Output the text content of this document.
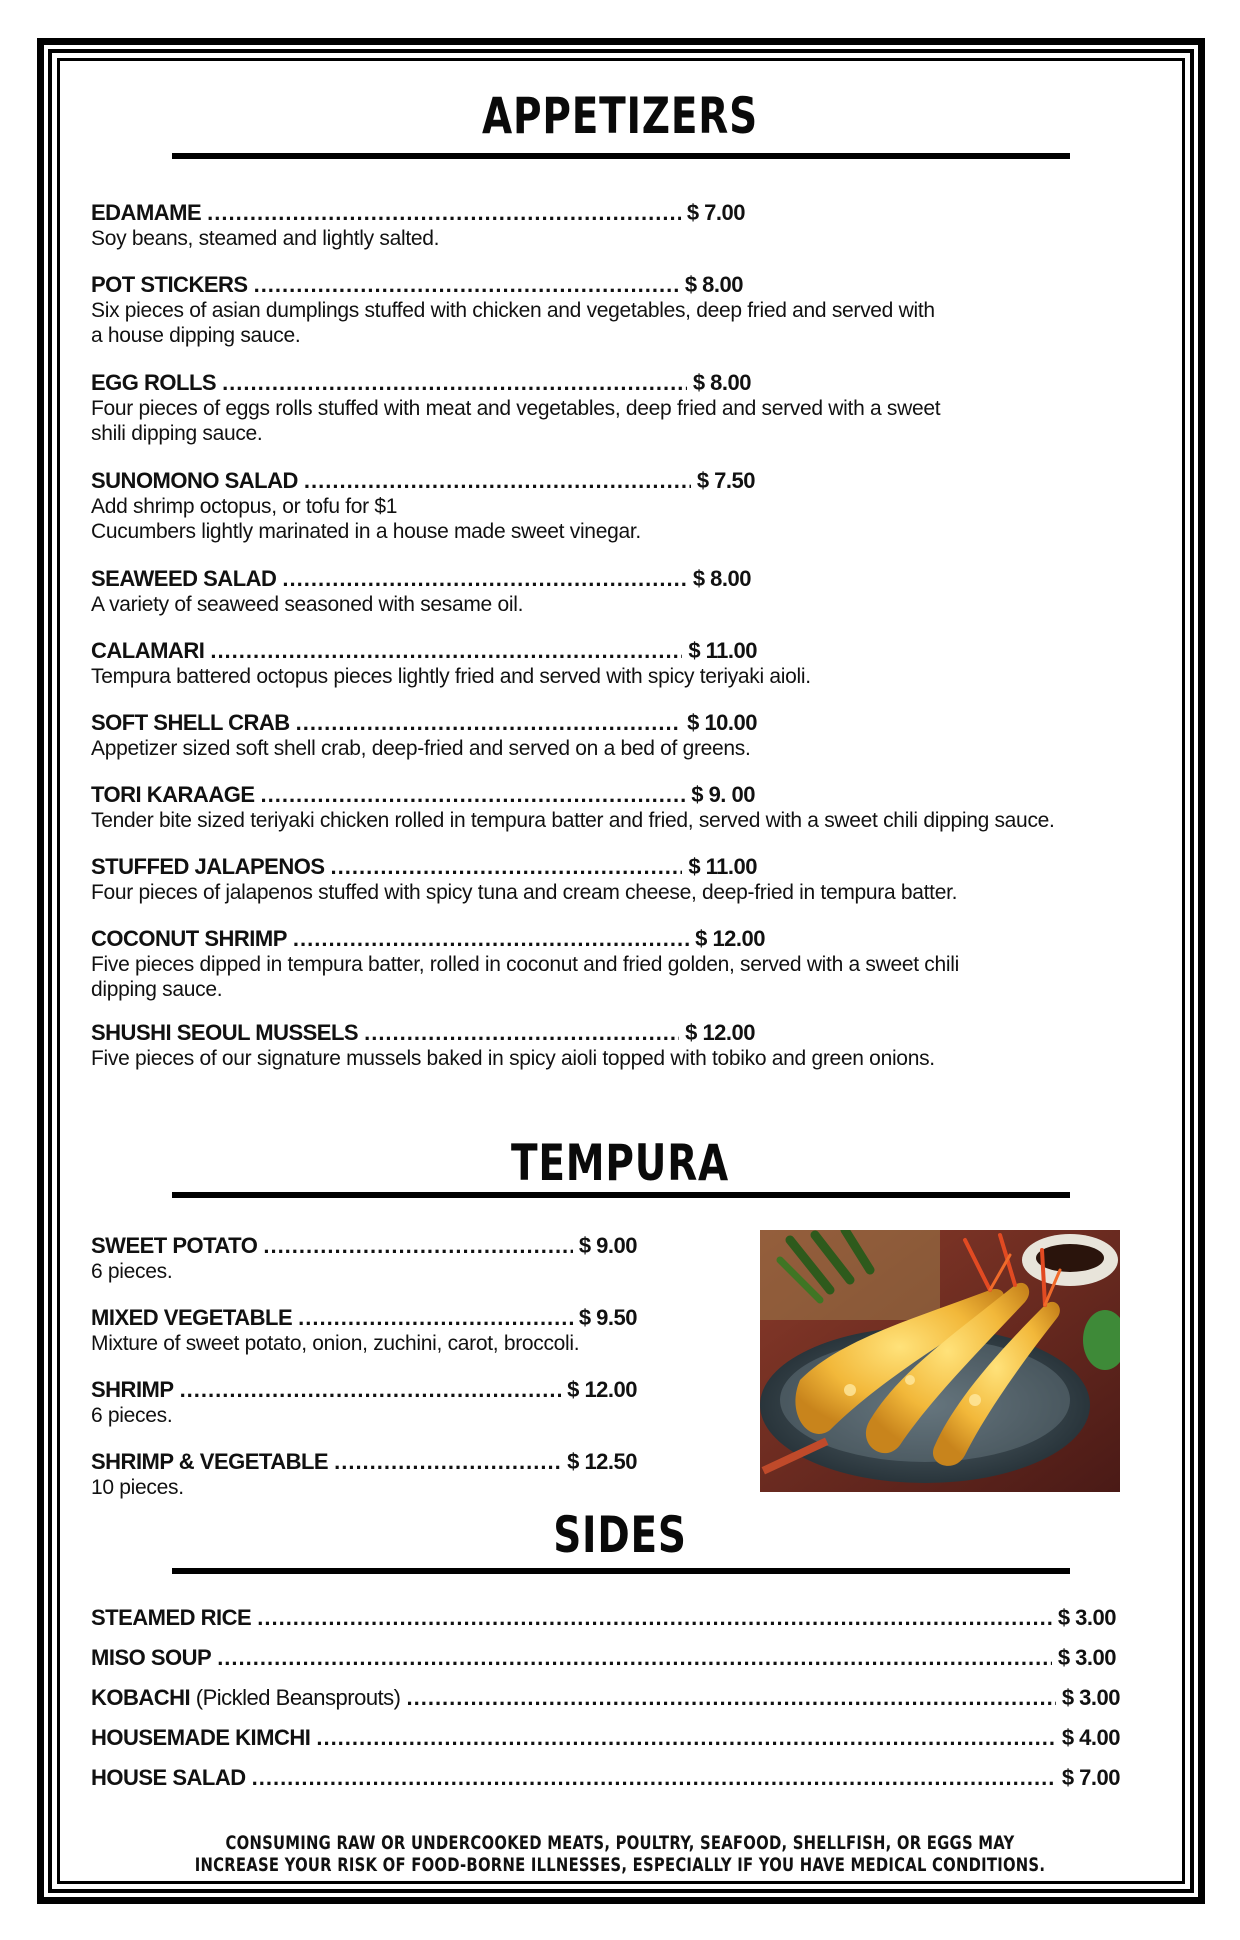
APPETIZERS
EDAMAME .....	$ 7.00
Soy beans, steamed and lightly salted.
POT STICKERS .....	$ 8.00
Six pieces of asian dumplings stuffed with chicken and vegetables, deep fried and served with
a house dipping sauce.
EGG ROLLS .....	$ 8.00
Four pieces of eggs rolls stuffed with meat and vegetables, deep fried and served with a sweet
shili dipping sauce.
SUNOMONO SALAD .....	$ 7.50
Add shrimp octopus, or tofu for $1
Cucumbers lightly marinated in a house made sweet vinegar.
SEAWEED SALAD .....	$ 8.00
A variety of seaweed seasoned with sesame oil.
CALAMARI .....	$ 11.00
Tempura battered octopus pieces lightly fried and served with spicy teriyaki aioli.
SOFT SHELL CRAB .....	$ 10.00
Appetizer sized soft shell crab, deep-fried and served on a bed of greens.
TORI KARAAGE .....	$ 9. 00
Tender bite sized teriyaki chicken rolled in tempura batter and fried, served with a sweet chili dipping sauce.
STUFFED JALAPENOS .....	$ 11.00
Four pieces of jalapenos stuffed with spicy tuna and cream cheese, deep-fried in tempura batter.
COCONUT SHRIMP .....	$ 12.00
Five pieces dipped in tempura batter, rolled in coconut and fried golden, served with a sweet chili
dipping sauce.
SHUSHI SEOUL MUSSELS .....	$ 12.00
Five pieces of our signature mussels baked in spicy aioli topped with tobiko and green onions.
TEMPURA
SWEET POTATO .....	$ 9.00
6 pieces.
MIXED VEGETABLE .....	$ 9.50
Mixture of sweet potato, onion, zuchini, carot, broccoli.
SHRIMP .....	$ 12.00
6 pieces.
SHRIMP & VEGETABLE .....	$ 12.50
10 pieces.
SIDES
STEAMED RICE .....	$ 3.00
MISO SOUP .....	$ 3.00
KOBACHI (Pickled Beansprouts) .....	$ 3.00
HOUSEMADE KIMCHI .....	$ 4.00
HOUSE SALAD .....	$ 7.00
CONSUMING RAW OR UNDERCOOKED MEATS, POULTRY, SEAFOOD, SHELLFISH, OR EGGS MAY
INCREASE YOUR RISK OF FOOD-BORNE ILLNESSES, ESPECIALLY IF YOU HAVE MEDICAL CONDITIONS.
